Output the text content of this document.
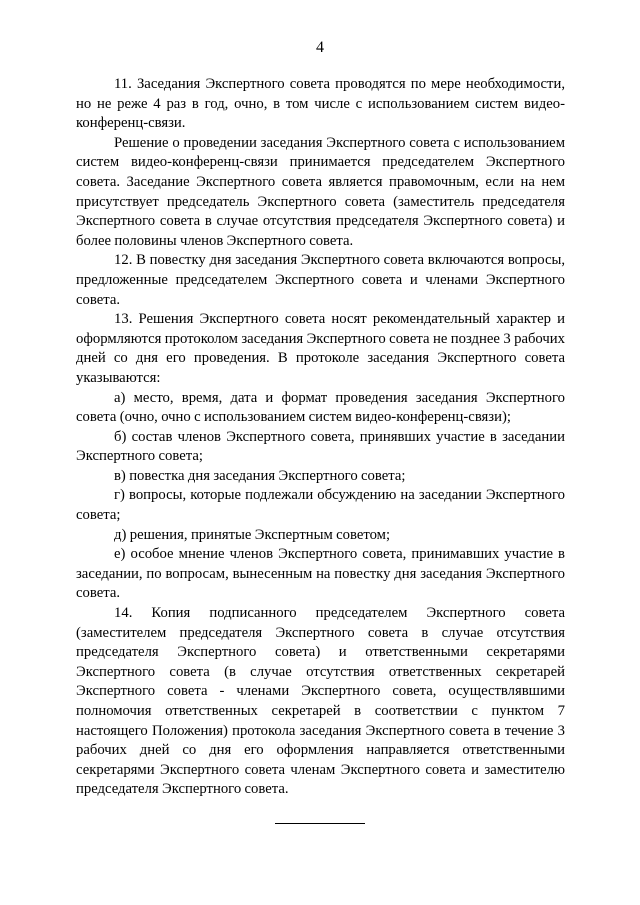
4

11. Заседания Экспертного совета проводятся по мере необходимости, но не реже 4 раз в год, очно, в том числе с использованием систем видео-конференц-связи.

Решение о проведении заседания Экспертного совета с использованием систем видео-конференц-связи принимается председателем Экспертного совета. Заседание Экспертного совета является правомочным, если на нем присутствует председатель Экспертного совета (заместитель председателя Экспертного совета в случае отсутствия председателя Экспертного совета) и более половины членов Экспертного совета.

12. В повестку дня заседания Экспертного совета включаются вопросы, предложенные председателем Экспертного совета и членами Экспертного совета.

13. Решения Экспертного совета носят рекомендательный характер и оформляются протоколом заседания Экспертного совета не позднее 3 рабочих дней со дня его проведения. В протоколе заседания Экспертного совета указываются:

а) место, время, дата и формат проведения заседания Экспертного совета (очно, очно с использованием систем видео-конференц-связи);

б) состав членов Экспертного совета, принявших участие в заседании Экспертного совета;

в) повестка дня заседания Экспертного совета;

г) вопросы, которые подлежали обсуждению на заседании Экспертного совета;

д) решения, принятые Экспертным советом;

е) особое мнение членов Экспертного совета, принимавших участие в заседании, по вопросам, вынесенным на повестку дня заседания Экспертного совета.

14. Копия подписанного председателем Экспертного совета (заместителем председателя Экспертного совета в случае отсутствия председателя Экспертного совета) и ответственными секретарями Экспертного совета (в случае отсутствия ответственных секретарей Экспертного совета - членами Экспертного совета, осуществлявшими полномочия ответственных секретарей в соответствии с пунктом 7 настоящего Положения) протокола заседания Экспертного совета в течение 3 рабочих дней со дня его оформления направляется ответственными секретарями Экспертного совета членам Экспертного совета и заместителю председателя Экспертного совета.
